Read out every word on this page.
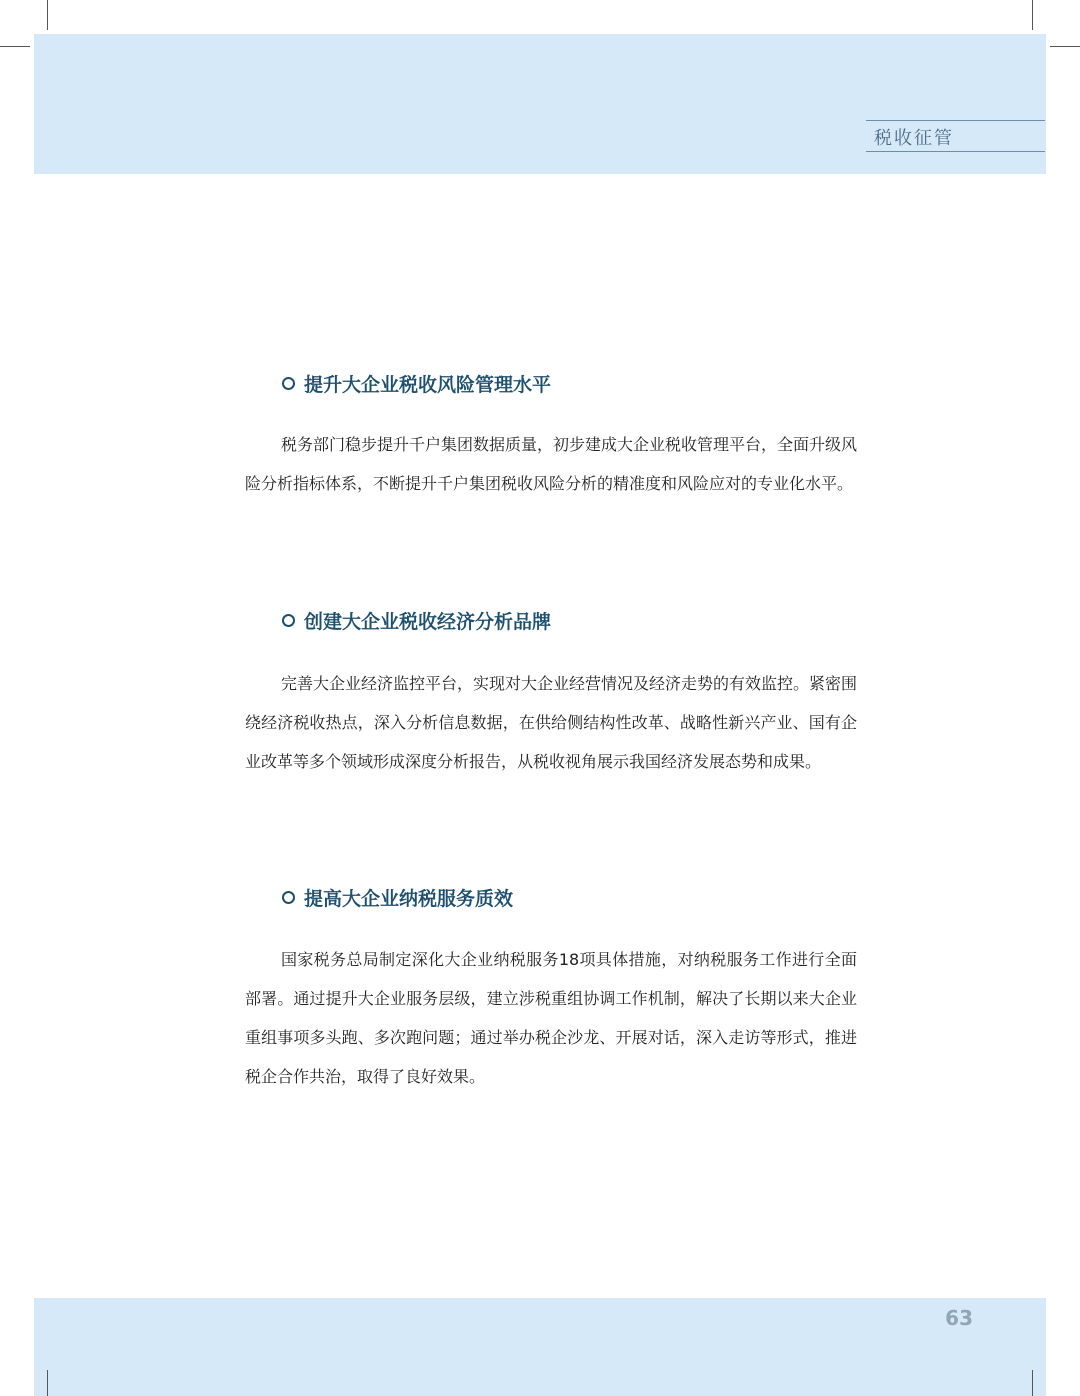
税收征管
提升大企业税收风险管理水平

税务部门稳步提升千户集团数据质量，初步建成大企业税收管理平台，全面升级风险分析指标体系，不断提升千户集团税收风险分析的精准度和风险应对的专业化水平。

创建大企业税收经济分析品牌

完善大企业经济监控平台，实现对大企业经营情况及经济走势的有效监控。紧密围绕经济税收热点，深入分析信息数据，在供给侧结构性改革、战略性新兴产业、国有企业改革等多个领域形成深度分析报告，从税收视角展示我国经济发展态势和成果。

提高大企业纳税服务质效

国家税务总局制定深化大企业纳税服务18项具体措施，对纳税服务工作进行全面部署。通过提升大企业服务层级，建立涉税重组协调工作机制，解决了长期以来大企业重组事项多头跑、多次跑问题；通过举办税企沙龙、开展对话，深入走访等形式，推进税企合作共治，取得了良好效果。

63
